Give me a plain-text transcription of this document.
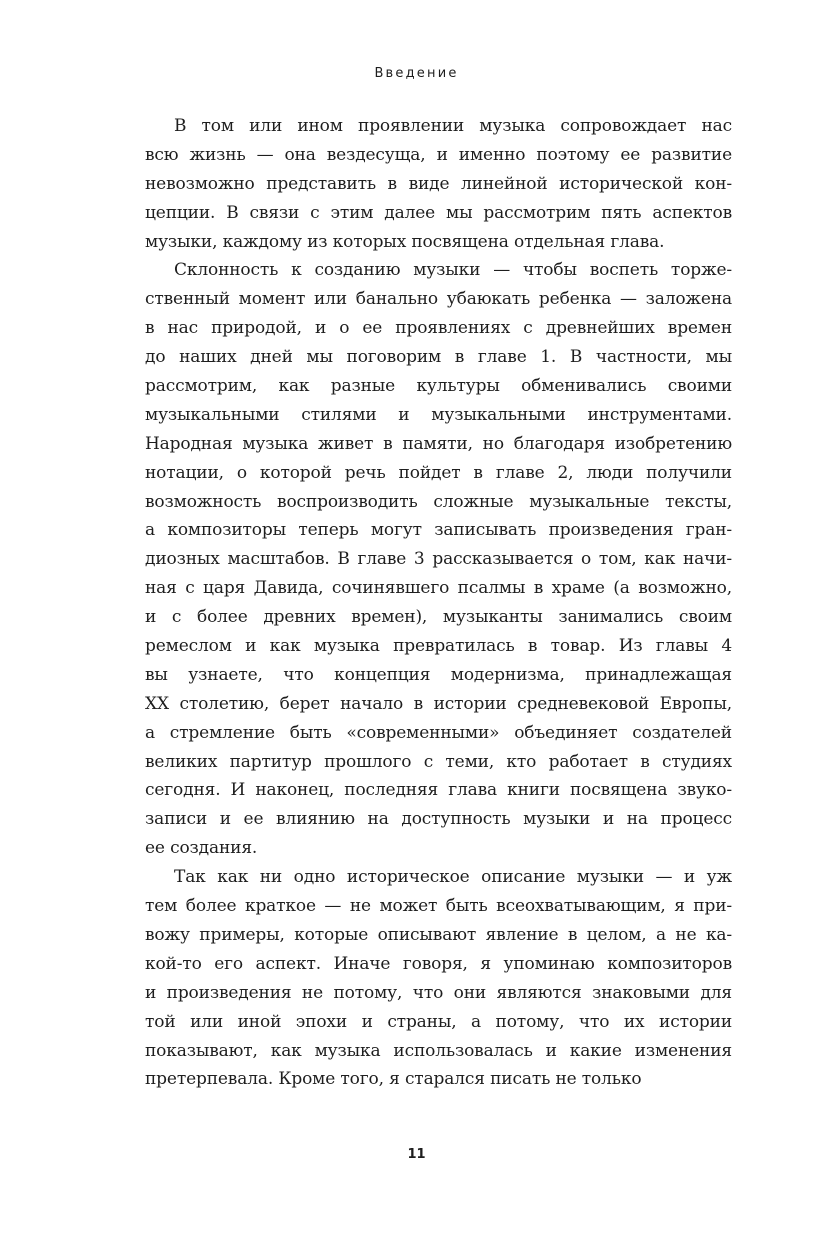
Введение
В том или ином проявлении музыка сопровождает нас
всю жизнь — она вездесуща, и именно поэтому ее развитие
невозможно представить в виде линейной исторической кон-
цепции. В связи с этим далее мы рассмотрим пять аспектов
музыки, каждому из которых посвящена отдельная глава.
Склонность к созданию музыки — чтобы воспеть торже-
ственный момент или банально убаюкать ребенка — заложена
в нас природой, и о ее проявлениях с древнейших времен
до наших дней мы поговорим в главе 1. В частности, мы
рассмотрим, как разные культуры обменивались своими
музыкальными стилями и музыкальными инструментами.
Народная музыка живет в памяти, но благодаря изобретению
нотации, о которой речь пойдет в главе 2, люди получили
возможность воспроизводить сложные музыкальные тексты,
а композиторы теперь могут записывать произведения гран-
диозных масштабов. В главе 3 рассказывается о том, как начи-
ная с царя Давида, сочинявшего псалмы в храме (а возможно,
и с более древних времен), музыканты занимались своим
ремеслом и как музыка превратилась в товар. Из главы 4
вы узнаете, что концепция модернизма, принадлежащая
XX столетию, берет начало в истории средневековой Европы,
а стремление быть «современными» объединяет создателей
великих партитур прошлого с теми, кто работает в студиях
сегодня. И наконец, последняя глава книги посвящена звуко-
записи и ее влиянию на доступность музыки и на процесс
ее создания.
Так как ни одно историческое описание музыки — и уж
тем более краткое — не может быть всеохватывающим, я при-
вожу примеры, которые описывают явление в целом, а не ка-
кой-то его аспект. Иначе говоря, я упоминаю композиторов
и произведения не потому, что они являются знаковыми для
той или иной эпохи и страны, а потому, что их истории
показывают, как музыка использовалась и какие изменения
претерпевала. Кроме того, я старался писать не только
11
